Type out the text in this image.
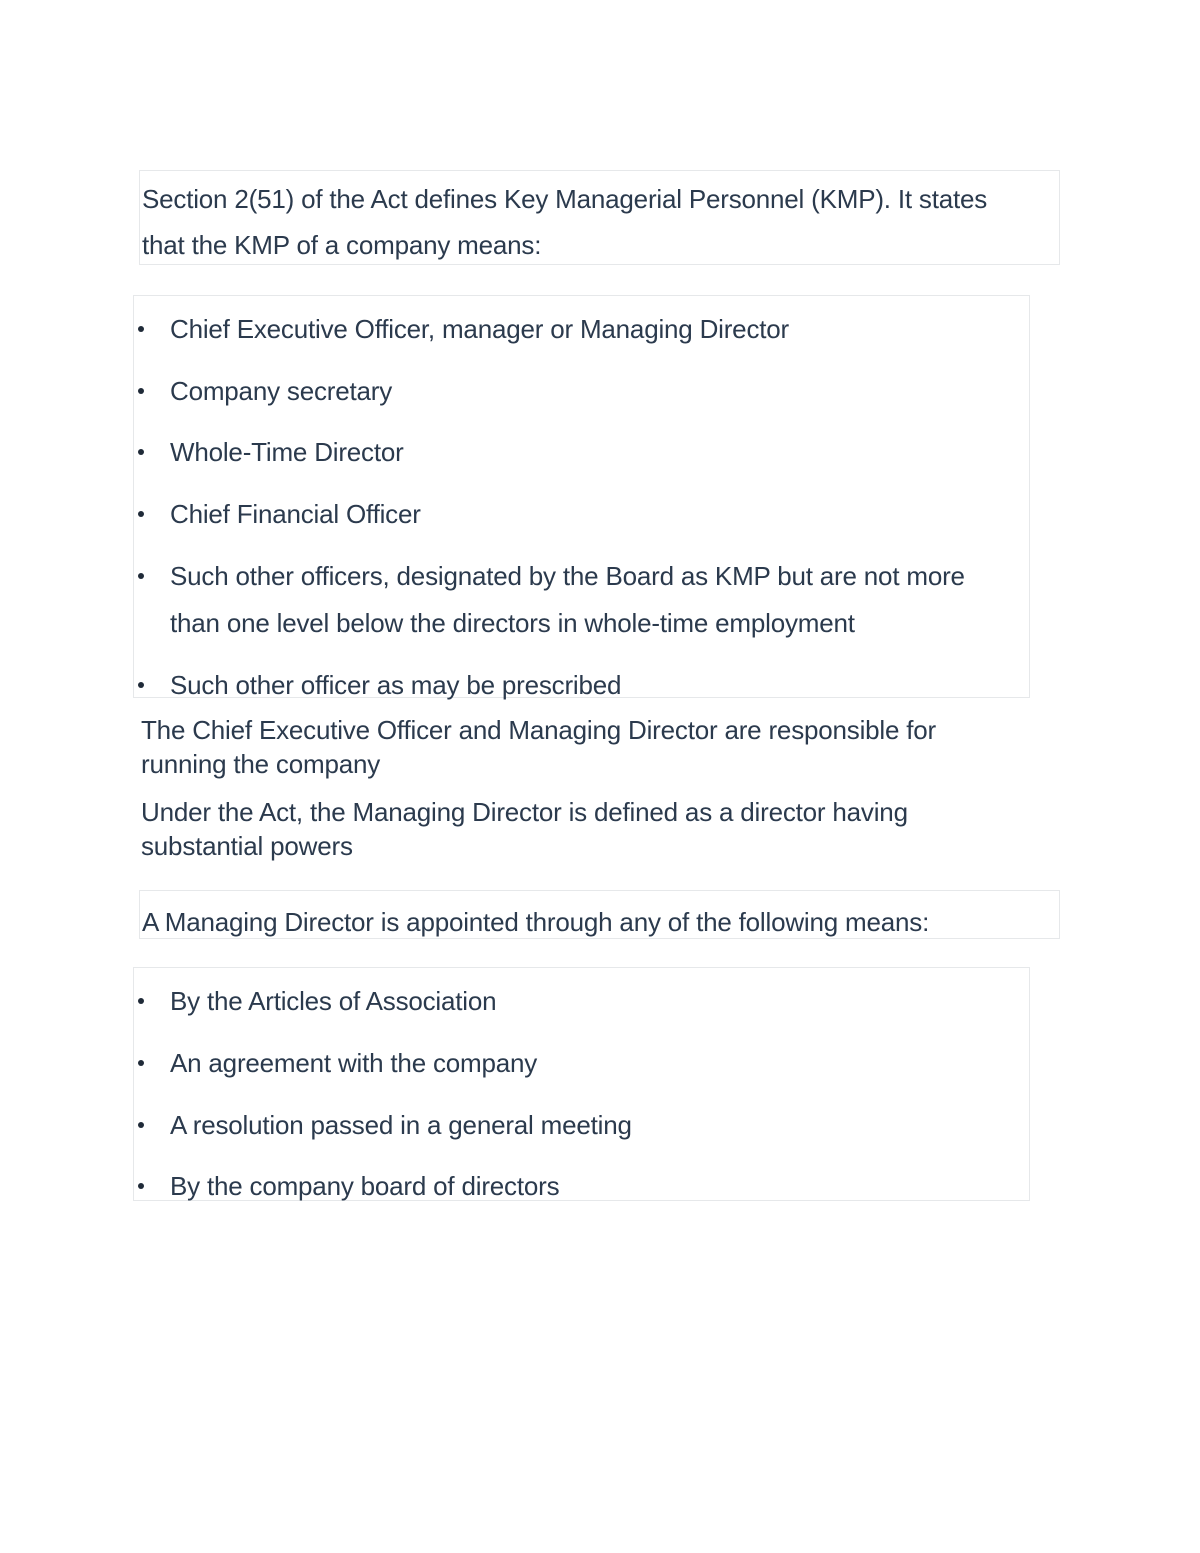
Section 2(51) of the Act defines Key Managerial Personnel (KMP). It states that the KMP of a company means:

Chief Executive Officer, manager or Managing Director
Company secretary
Whole-Time Director
Chief Financial Officer
Such other officers, designated by the Board as KMP but are not more than one level below the directors in whole-time employment
Such other officer as may be prescribed

The Chief Executive Officer and Managing Director are responsible for running the company

Under the Act, the Managing Director is defined as a director having substantial powers

A Managing Director is appointed through any of the following means:

By the Articles of Association
An agreement with the company
A resolution passed in a general meeting
By the company board of directors
